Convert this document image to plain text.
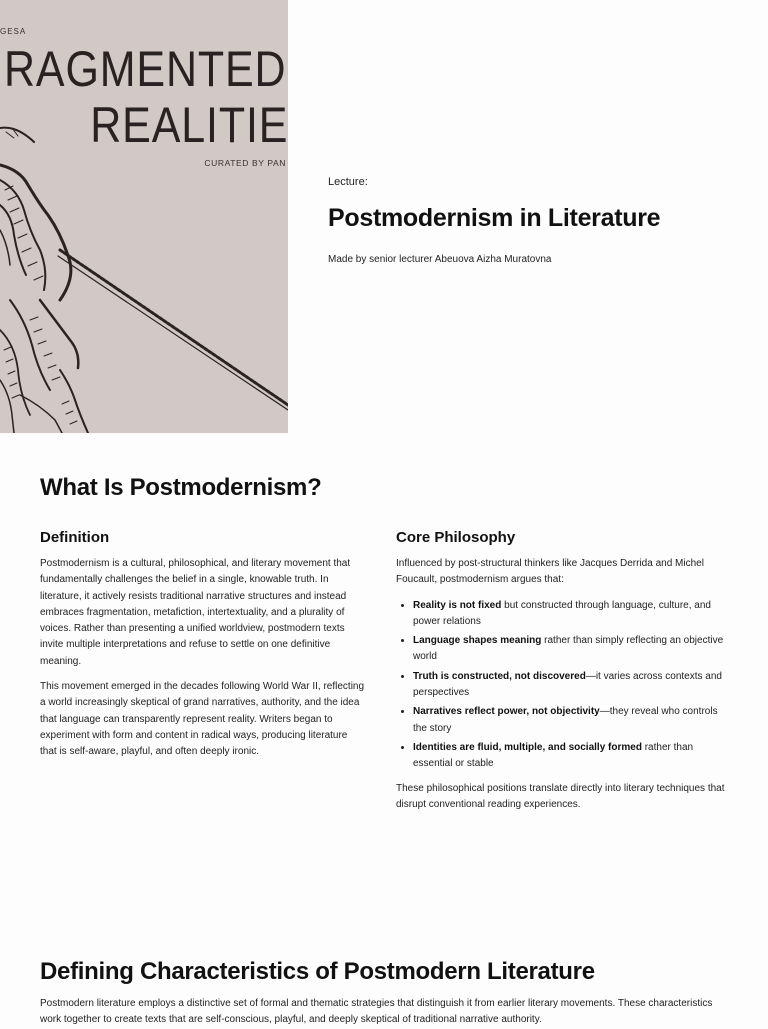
GESA
RAGMENTED
REALITIE
CURATED BY PAN
Lecture:
Postmodernism in Literature
Made by senior lecturer Abeuova Aizha Muratovna
What Is Postmodernism?
Definition

Postmodernism is a cultural, philosophical, and literary movement that fundamentally challenges the belief in a single, knowable truth. In literature, it actively resists traditional narrative structures and instead embraces fragmentation, metafiction, intertextuality, and a plurality of voices. Rather than presenting a unified worldview, postmodern texts invite multiple interpretations and refuse to settle on one definitive meaning.

This movement emerged in the decades following World War II, reflecting a world increasingly skeptical of grand narratives, authority, and the idea that language can transparently represent reality. Writers began to experiment with form and content in radical ways, producing literature that is self-aware, playful, and often deeply ironic.

Core Philosophy

Influenced by post-structural thinkers like Jacques Derrida and Michel Foucault, postmodernism argues that:

• Reality is not fixed but constructed through language, culture, and power relations
• Language shapes meaning rather than simply reflecting an objective world
• Truth is constructed, not discovered—it varies across contexts and perspectives
• Narratives reflect power, not objectivity—they reveal who controls the story
• Identities are fluid, multiple, and socially formed rather than essential or stable

These philosophical positions translate directly into literary techniques that disrupt conventional reading experiences.

Defining Characteristics of Postmodern Literature

Postmodern literature employs a distinctive set of formal and thematic strategies that distinguish it from earlier literary movements. These characteristics work together to create texts that are self-conscious, playful, and deeply skeptical of traditional narrative authority.
